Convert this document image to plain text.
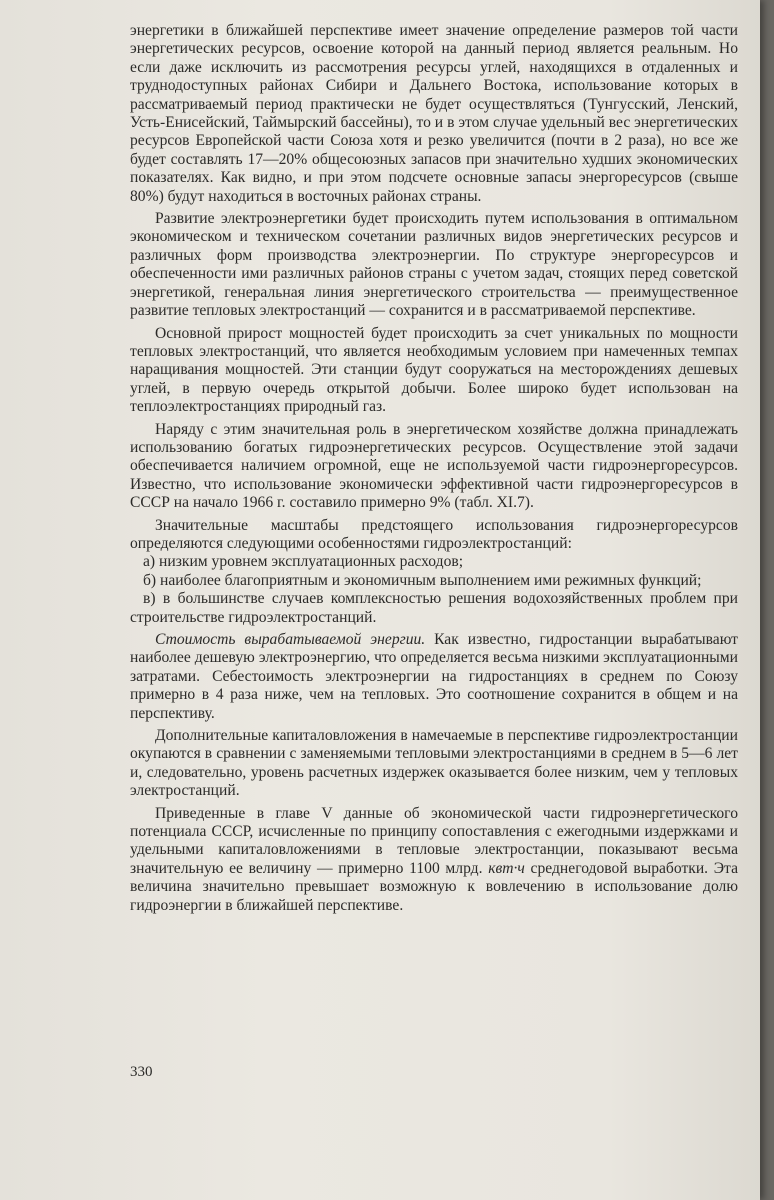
энергетики в ближайшей перспективе имеет значение определение размеров той части энергетических ресурсов, освоение которой на данный период является реальным. Но если даже исключить из рассмотрения ресурсы углей, находящихся в отдаленных и труднодоступных районах Сибири и Дальнего Востока, использование которых в рассматриваемый период практически не будет осуществляться (Тунгусский, Ленский, Усть-Енисейский, Таймырский бассейны), то и в этом случае удельный вес энергетических ресурсов Европейской части Союза хотя и резко увеличится (почти в 2 раза), но все же будет составлять 17—20% общесоюзных запасов при значительно худших экономических показателях. Как видно, и при этом подсчете основные запасы энергоресурсов (свыше 80%) будут находиться в восточных районах страны.

Развитие электроэнергетики будет происходить путем использования в оптимальном экономическом и техническом сочетании различных видов энергетических ресурсов и различных форм производства электроэнергии. По структуре энергоресурсов и обеспеченности ими различных районов страны с учетом задач, стоящих перед советской энергетикой, генеральная линия энергетического строительства — преимущественное развитие тепловых электростанций — сохранится и в рассматриваемой перспективе.

Основной прирост мощностей будет происходить за счет уникальных по мощности тепловых электростанций, что является необходимым условием при намеченных темпах наращивания мощностей. Эти станции будут сооружаться на месторождениях дешевых углей, в первую очередь открытой добычи. Более широко будет использован на теплоэлектростанциях природный газ.

Наряду с этим значительная роль в энергетическом хозяйстве должна принадлежать использованию богатых гидроэнергетических ресурсов. Осуществление этой задачи обеспечивается наличием огромной, еще не используемой части гидроэнергоресурсов. Известно, что использование экономически эффективной части гидроэнергоресурсов в СССР на начало 1966 г. составило примерно 9% (табл. XI.7).

Значительные масштабы предстоящего использования гидроэнергоресурсов определяются следующими особенностями гидроэлектростанций:

а) низким уровнем эксплуатационных расходов;

б) наиболее благоприятным и экономичным выполнением ими режимных функций;

в) в большинстве случаев комплексностью решения водохозяйственных проблем при строительстве гидроэлектростанций.

Стоимость вырабатываемой энергии. Как известно, гидростанции вырабатывают наиболее дешевую электроэнергию, что определяется весьма низкими эксплуатационными затратами. Себестоимость электроэнергии на гидростанциях в среднем по Союзу примерно в 4 раза ниже, чем на тепловых. Это соотношение сохранится в общем и на перспективу.

Дополнительные капиталовложения в намечаемые в перспективе гидроэлектростанции окупаются в сравнении с заменяемыми тепловыми электростанциями в среднем в 5—6 лет и, следовательно, уровень расчетных издержек оказывается более низким, чем у тепловых электростанций.

Приведенные в главе V данные об экономической части гидроэнергетического потенциала СССР, исчисленные по принципу сопоставления с ежегодными издержками и удельными капиталовложениями в тепловые электростанции, показывают весьма значительную ее величину — примерно 1100 млрд. квт·ч среднегодовой выработки. Эта величина значительно превышает возможную к вовлечению в использование долю гидроэнергии в ближайшей перспективе.

330
